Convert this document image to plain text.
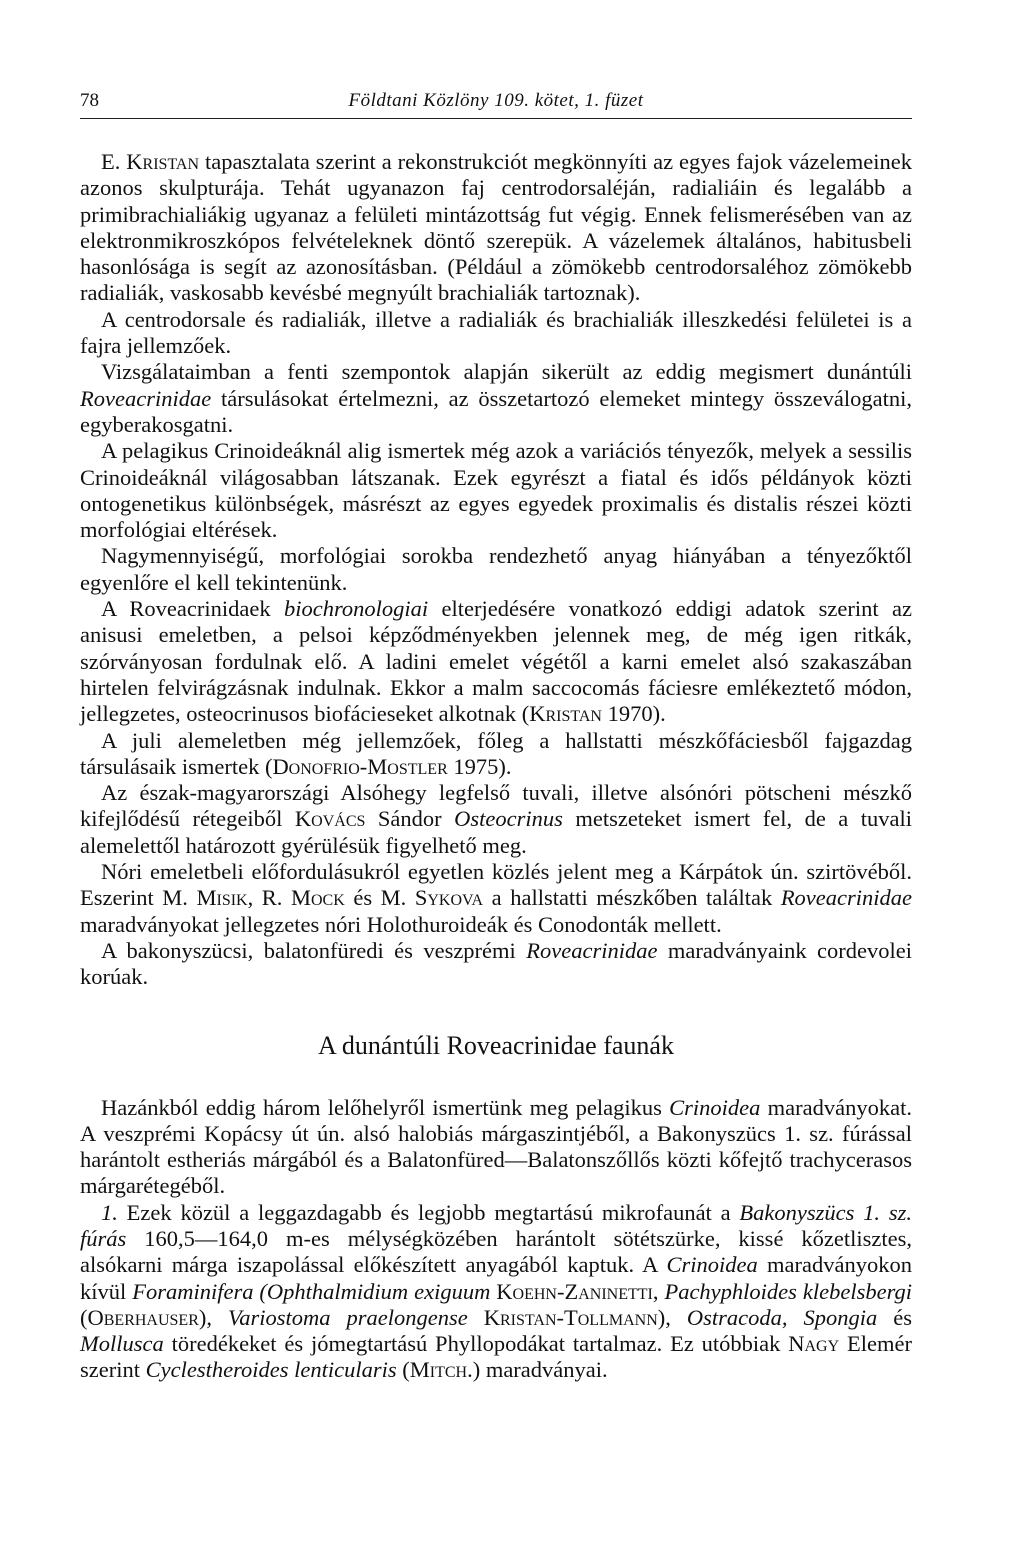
78	Földtani Közlöny 109. kötet, 1. füzet

E. Kristan tapasztalata szerint a rekonstrukciót megkönnyíti az egyes fajok vázelemeinek azonos skulpturája. Tehát ugyanazon faj centrodorsaléján, radialiáin és legalább a primibrachialiákig ugyanaz a felületi mintázottság fut végig. Ennek felismerésében van az elektronmikroszkópos felvételeknek döntő szerepük. A vázelemek általános, habitusbeli hasonlósága is segít az azonosításban. (Például a zömökebb centrodorsaléhoz zömökebb radialiák, vaskosabb kevésbé megnyúlt brachialiák tartoznak).

A centrodorsale és radialiák, illetve a radialiák és brachialiák illeszkedési felületei is a fajra jellemzőek.

Vizsgálataimban a fenti szempontok alapján sikerült az eddig megismert dunántúli Roveacrinidae társulásokat értelmezni, az összetartozó elemeket mintegy összeválogatni, egyberakosgatni.

A pelagikus Crinoideáknál alig ismertek még azok a variációs tényezők, melyek a sessilis Crinoideáknál világosabban látszanak. Ezek egyrészt a fiatal és idős példányok közti ontogenetikus különbségek, másrészt az egyes egyedek proximalis és distalis részei közti morfológiai eltérések.

Nagymennyiségű, morfológiai sorokba rendezhető anyag hiányában a tényezőktől egyenlőre el kell tekintenünk.

A Roveacrinidaek biochronologiai elterjedésére vonatkozó eddigi adatok szerint az anisusi emeletben, a pelsoi képződményekben jelennek meg, de még igen ritkák, szórványosan fordulnak elő. A ladini emelet végétől a karni emelet alsó szakaszában hirtelen felvirágzásnak indulnak. Ekkor a malm saccocomás fáciesre emlékeztető módon, jellegzetes, osteocrinusos biofácieseket alkotnak (Kristan 1970).

A juli alemeletben még jellemzőek, főleg a hallstatti mészkőfáciesből fajgazdag társulásaik ismertek (Donofrio-Mostler 1975).

Az észak-magyarországi Alsóhegy legfelső tuvali, illetve alsónóri pötscheni mészkő kifejlődésű rétegeiből Kovács Sándor Osteocrinus metszeteket ismert fel, de a tuvali alemelettől határozott gyérülésük figyelhető meg.

Nóri emeletbeli előfordulásukról egyetlen közlés jelent meg a Kárpátok ún. szirtövéből. Eszerint M. Misik, R. Mock és M. Sykova a hallstatti mészkőben találtak Roveacrinidae maradványokat jellegzetes nóri Holothuroideák és Conodonták mellett.

A bakonyszücsi, balatonfüredi és veszprémi Roveacrinidae maradványaink cordevolei korúak.

A dunántúli Roveacrinidae faunák

Hazánkból eddig három lelőhelyről ismertünk meg pelagikus Crinoidea maradványokat. A veszprémi Kopácsy út ún. alsó halobiás márgaszintjéből, a Bakonyszücs 1. sz. fúrással harántolt estheriás márgából és a Balatonfüred—Balatonszőllős közti kőfejtő trachycerasos márgarétegéből.

1. Ezek közül a leggazdagabb és legjobb megtartású mikrofaunát a Bakonyszücs 1. sz. fúrás 160,5—164,0 m-es mélységközében harántolt sötétszürke, kissé kőzetlisztes, alsókarni márga iszapolással előkészített anyagából kaptuk. A Crinoidea maradványokon kívül Foraminifera (Ophthalmidium exiguum Koehn-Zaninetti, Pachyphloides klebelsbergi (Oberhauser), Variostoma praelongense Kristan-Tollmann), Ostracoda, Spongia és Mollusca töredékeket és jómegtartású Phyllopodákat tartalmaz. Ez utóbbiak Nagy Elemér szerint Cyclestheroides lenticularis (Mitch.) maradványai.
